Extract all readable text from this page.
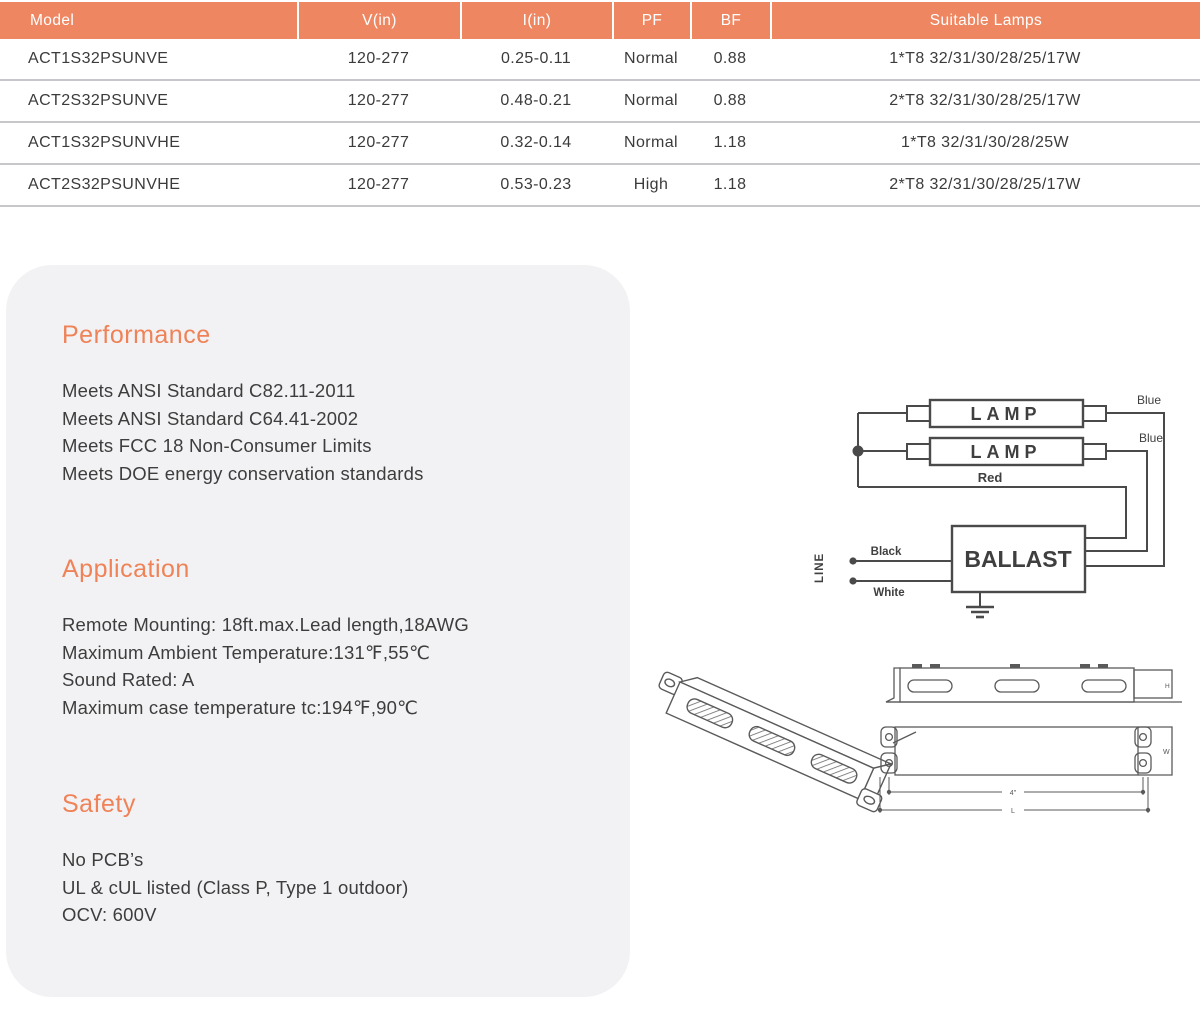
Model	V(in)	I(in)	PF	BF	Suitable Lamps
ACT1S32PSUNVE	120-277	0.25-0.11	Normal	0.88	1*T8 32/31/30/28/25/17W
ACT2S32PSUNVE	120-277	0.48-0.21	Normal	0.88	2*T8 32/31/30/28/25/17W
ACT1S32PSUNVHE	120-277	0.32-0.14	Normal	1.18	1*T8 32/31/30/28/25W
ACT2S32PSUNVHE	120-277	0.53-0.23	High	1.18	2*T8 32/31/30/28/25/17W
Performance
Meets ANSI Standard C82.11-2011
Meets ANSI Standard C64.41-2002
Meets FCC 18 Non-Consumer Limits
Meets DOE energy conservation standards
Application
Remote Mounting: 18ft.max.Lead length,18AWG
Maximum Ambient Temperature:131℉,55℃
Sound Rated: A
Maximum case temperature tc:194℉,90℃
Safety
No PCB’s
UL & cUL listed (Class P, Type 1 outdoor)
OCV: 600V
LAMP
LAMP
BALLAST
Blue
Blue
Red
Black
White
LINE
H
4"
L
W
